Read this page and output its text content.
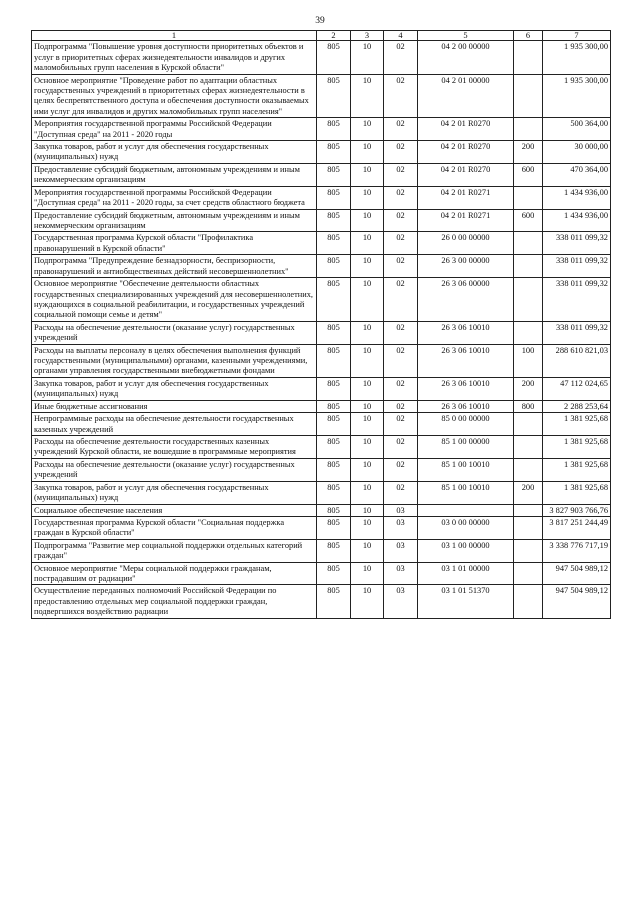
39
1	2	3	4	5	6	7
Подпрограмма "Повышение уровня доступности приоритетных объектов и услуг в приоритетных сферах жизнедеятельности инвалидов и других маломобильных групп населения в Курской области"	805	10	02	04 2 00 00000		1 935 300,00
Основное мероприятие "Проведение работ по адаптации областных государственных учреждений в приоритетных сферах жизнедеятельности в целях беспрепятственного доступа и обеспечения доступности оказываемых ими услуг для инвалидов и других маломобильных групп населения"	805	10	02	04 2 01 00000		1 935 300,00
Мероприятия государственной программы Российской Федерации "Доступная среда" на 2011 - 2020 годы	805	10	02	04 2 01 R0270		500 364,00
Закупка товаров, работ и услуг для обеспечения государственных (муниципальных) нужд	805	10	02	04 2 01 R0270	200	30 000,00
Предоставление субсидий бюджетным, автономным учреждениям и иным некоммерческим организациям	805	10	02	04 2 01 R0270	600	470 364,00
Мероприятия государственной программы Российской Федерации "Доступная среда" на 2011 - 2020 годы, за счет средств областного бюджета	805	10	02	04 2 01 R0271		1 434 936,00
Предоставление субсидий бюджетным, автономным учреждениям и иным некоммерческим организациям	805	10	02	04 2 01 R0271	600	1 434 936,00
Государственная программа Курской области "Профилактика правонарушений в Курской области"	805	10	02	26 0 00 00000		338 011 099,32
Подпрограмма "Предупреждение безнадзорности, беспризорности, правонарушений и антиобщественных действий несовершеннолетних"	805	10	02	26 3 00 00000		338 011 099,32
Основное мероприятие "Обеспечение деятельности областных государственных специализированных учреждений для несовершеннолетних, нуждающихся в социальной реабилитации, и государственных учреждений социальной помощи семье и детям"	805	10	02	26 3 06 00000		338 011 099,32
Расходы на обеспечение деятельности (оказание услуг) государственных учреждений	805	10	02	26 3 06 10010		338 011 099,32
Расходы на выплаты персоналу в целях обеспечения выполнения функций государственными (муниципальными) органами, казенными учреждениями, органами управления государственными внебюджетными фондами	805	10	02	26 3 06 10010	100	288 610 821,03
Закупка товаров, работ и услуг для обеспечения государственных (муниципальных) нужд	805	10	02	26 3 06 10010	200	47 112 024,65
Иные бюджетные ассигнования	805	10	02	26 3 06 10010	800	2 288 253,64
Непрограммные расходы на обеспечение деятельности государственных казенных учреждений	805	10	02	85 0 00 00000		1 381 925,68
Расходы на обеспечение деятельности государственных казенных учреждений Курской области, не вошедшие в программные мероприятия	805	10	02	85 1 00 00000		1 381 925,68
Расходы на обеспечение деятельности (оказание услуг) государственных учреждений	805	10	02	85 1 00 10010		1 381 925,68
Закупка товаров, работ и услуг для обеспечения государственных (муниципальных) нужд	805	10	02	85 1 00 10010	200	1 381 925,68
Социальное обеспечение населения	805	10	03			3 827 903 766,76
Государственная программа Курской области "Социальная поддержка граждан в Курской области"	805	10	03	03 0 00 00000		3 817 251 244,49
Подпрограмма "Развитие мер социальной поддержки отдельных категорий граждан"	805	10	03	03 1 00 00000		3 338 776 717,19
Основное мероприятие "Меры социальной поддержки гражданам, пострадавшим от радиации"	805	10	03	03 1 01 00000		947 504 989,12
Осуществление переданных полномочий Российской Федерации по предоставлению отдельных мер социальной поддержки граждан, подвергшихся воздействию радиации	805	10	03	03 1 01 51370		947 504 989,12
